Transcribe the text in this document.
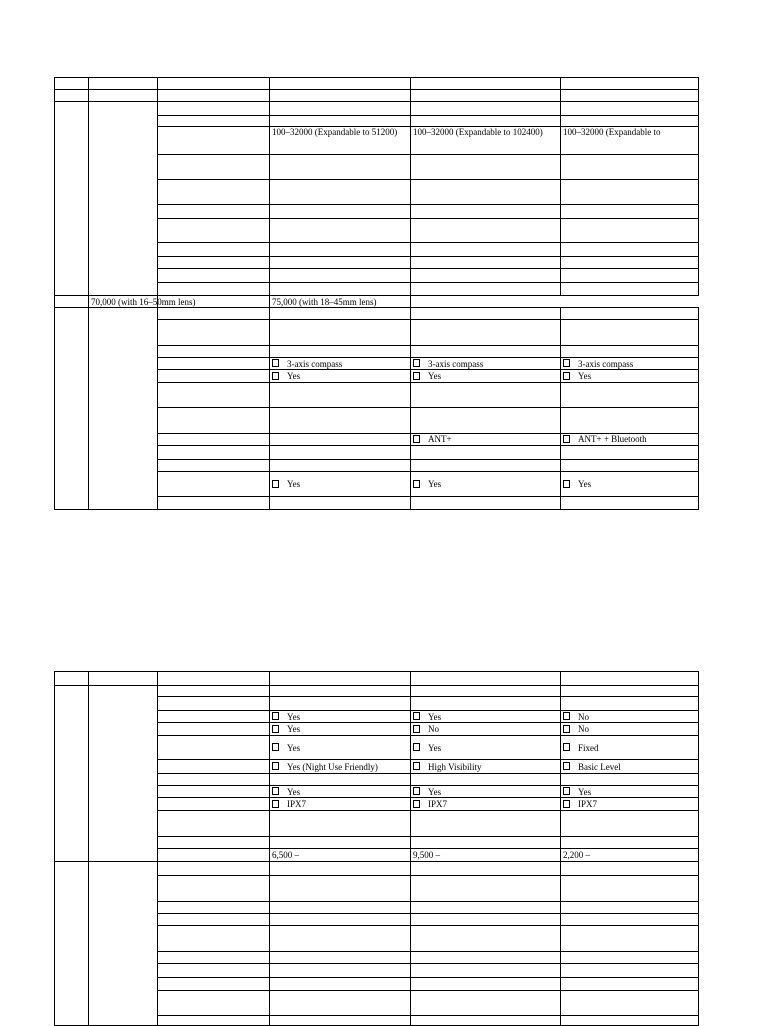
			100–32000 (Expandable to 51200)	100–32000 (Expandable to 102400)	100–32000 (Expandable to

	70,000 (with 16–50mm lens)		75,000 (with 18–45mm lens)		

			3-axis compass	3-axis compass	3-axis compass
			Yes	Yes	Yes

				ANT+	ANT+ + Bluetooth

			Yes	Yes	Yes

			Yes	Yes	No
			Yes	No	No
			Yes	Yes	Fixed
			Yes (Night Use Friendly)	High Visibility	Basic Level

			Yes	Yes	Yes
			IPX7	IPX7	IPX7

			6,500 –	9,500 –	2,200 –
